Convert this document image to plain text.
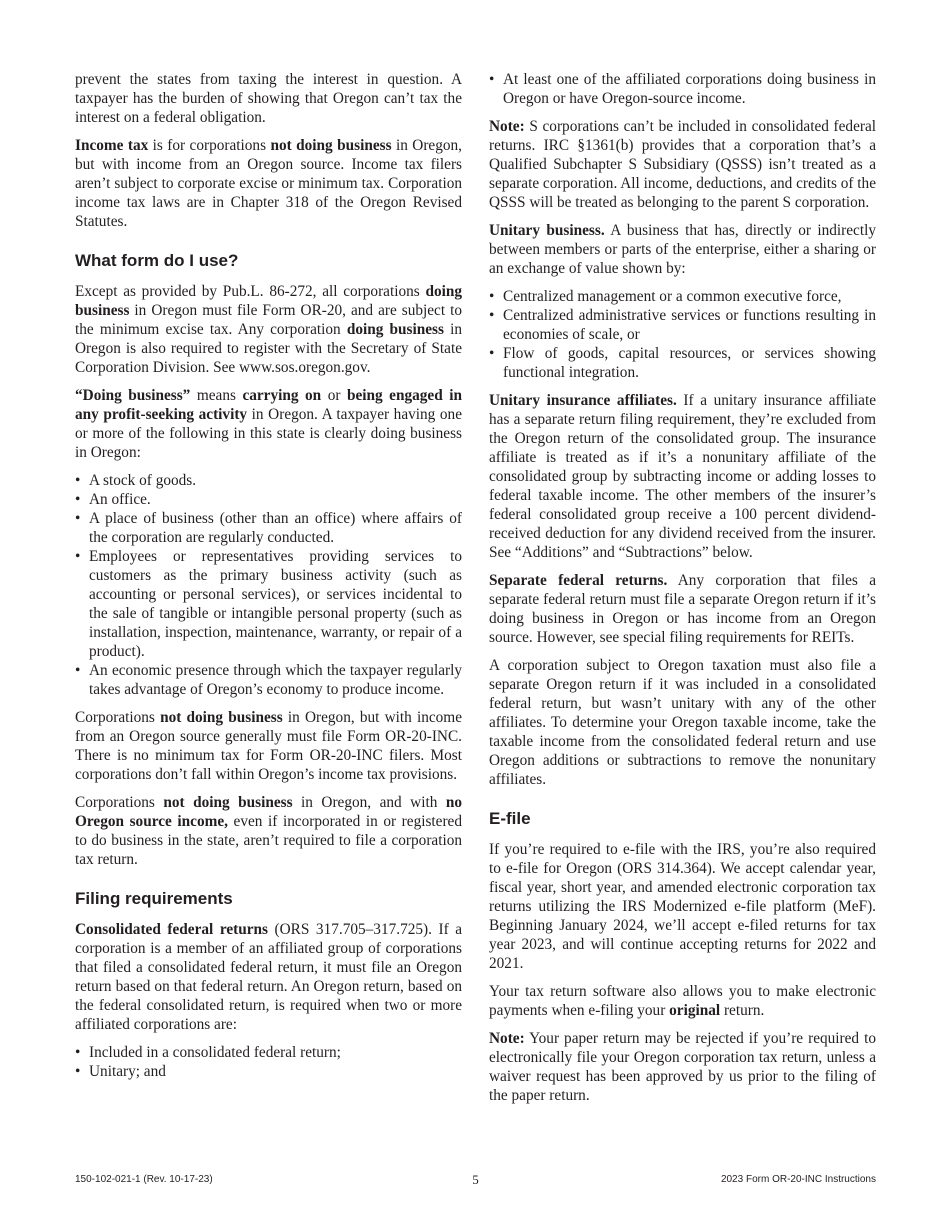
prevent the states from taxing the interest in question. A taxpayer has the burden of showing that Oregon can’t tax the interest on a federal obligation.

Income tax is for corporations not doing business in Oregon, but with income from an Oregon source. Income tax filers aren’t subject to corporate excise or minimum tax. Corporation income tax laws are in Chapter 318 of the Oregon Revised Statutes.

What form do I use?

Except as provided by Pub.L. 86-272, all corporations doing business in Oregon must file Form OR-20, and are subject to the minimum excise tax. Any corporation doing business in Oregon is also required to register with the Secretary of State Corporation Division. See www.sos.oregon.gov.

“Doing business” means carrying on or being engaged in any profit-seeking activity in Oregon. A taxpayer having one or more of the following in this state is clearly doing business in Oregon:

• A stock of goods.
• An office.
• A place of business (other than an office) where affairs of the corporation are regularly conducted.
• Employees or representatives providing services to customers as the primary business activity (such as accounting or personal services), or services incidental to the sale of tangible or intangible personal property (such as installation, inspection, maintenance, warranty, or repair of a product).
• An economic presence through which the taxpayer regularly takes advantage of Oregon’s economy to produce income.

Corporations not doing business in Oregon, but with income from an Oregon source generally must file Form OR-20-INC. There is no minimum tax for Form OR-20-INC filers. Most corporations don’t fall within Oregon’s income tax provisions.

Corporations not doing business in Oregon, and with no Oregon source income, even if incorporated in or registered to do business in the state, aren’t required to file a corporation tax return.

Filing requirements

Consolidated federal returns (ORS 317.705–317.725). If a corporation is a member of an affiliated group of corporations that filed a consolidated federal return, it must file an Oregon return based on that federal return. An Oregon return, based on the federal consolidated return, is required when two or more affiliated corporations are:

• Included in a consolidated federal return;
• Unitary; and
• At least one of the affiliated corporations doing business in Oregon or have Oregon-source income.

Note: S corporations can’t be included in consolidated federal returns. IRC §1361(b) provides that a corporation that’s a Qualified Subchapter S Subsidiary (QSSS) isn’t treated as a separate corporation. All income, deductions, and credits of the QSSS will be treated as belonging to the parent S corporation.

Unitary business. A business that has, directly or indirectly between members or parts of the enterprise, either a sharing or an exchange of value shown by:

• Centralized management or a common executive force,
• Centralized administrative services or functions resulting in economies of scale, or
• Flow of goods, capital resources, or services showing functional integration.

Unitary insurance affiliates. If a unitary insurance affiliate has a separate return filing requirement, they’re excluded from the Oregon return of the consolidated group. The insurance affiliate is treated as if it’s a nonunitary affiliate of the consolidated group by subtracting income or adding losses to federal taxable income. The other members of the insurer’s federal consolidated group receive a 100 percent dividend-received deduction for any dividend received from the insurer. See “Additions” and “Subtractions” below.

Separate federal returns. Any corporation that files a separate federal return must file a separate Oregon return if it’s doing business in Oregon or has income from an Oregon source. However, see special filing requirements for REITs.

A corporation subject to Oregon taxation must also file a separate Oregon return if it was included in a consolidated federal return, but wasn’t unitary with any of the other affiliates. To determine your Oregon taxable income, take the taxable income from the consolidated federal return and use Oregon additions or subtractions to remove the nonunitary affiliates.

E-file

If you’re required to e-file with the IRS, you’re also required to e-file for Oregon (ORS 314.364). We accept calendar year, fiscal year, short year, and amended electronic corporation tax returns utilizing the IRS Modernized e-file platform (MeF). Beginning January 2024, we’ll accept e-filed returns for tax year 2023, and will continue accepting returns for 2022 and 2021.

Your tax return software also allows you to make electronic payments when e-filing your original return.

Note: Your paper return may be rejected if you’re required to electronically file your Oregon corporation tax return, unless a waiver request has been approved by us prior to the filing of the paper return.

150-102-021-1 (Rev. 10-17-23)	5	2023 Form OR-20-INC Instructions
